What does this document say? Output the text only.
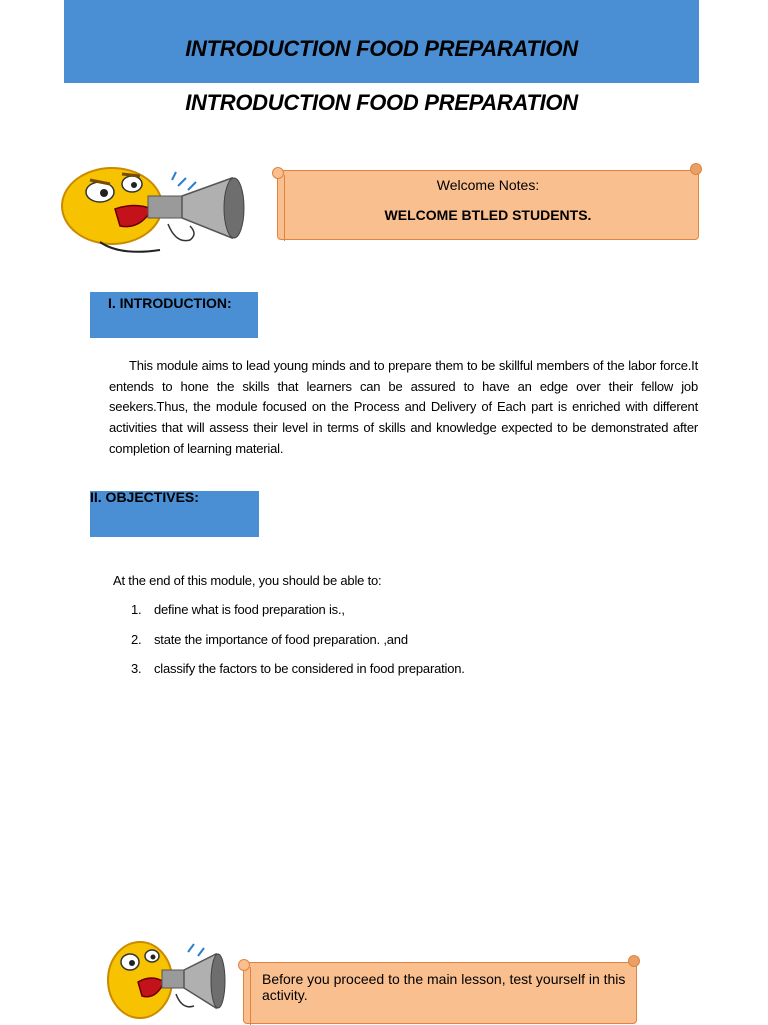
INTRODUCTION FOOD PREPARATION
INTRODUCTION FOOD PREPARATION
Welcome Notes:
WELCOME BTLED STUDENTS.
I. INTRODUCTION:
This module aims to lead young minds and to prepare them to be skillful members of the labor force.It entends to hone the skills that learners can be assured to have an edge over their fellow job seekers.Thus, the module focused on the Process and Delivery of Each part is enriched with different activities that will assess their level in terms of skills and knowledge expected to be demonstrated after completion of learning material.
II. OBJECTIVES:
At the end of this module, you should be able to:
1. define what is food preparation is.,
2. state the importance of food preparation. ,and
3. classify the factors to be considered in food preparation.
Before you proceed to the main lesson, test yourself in this activity.
